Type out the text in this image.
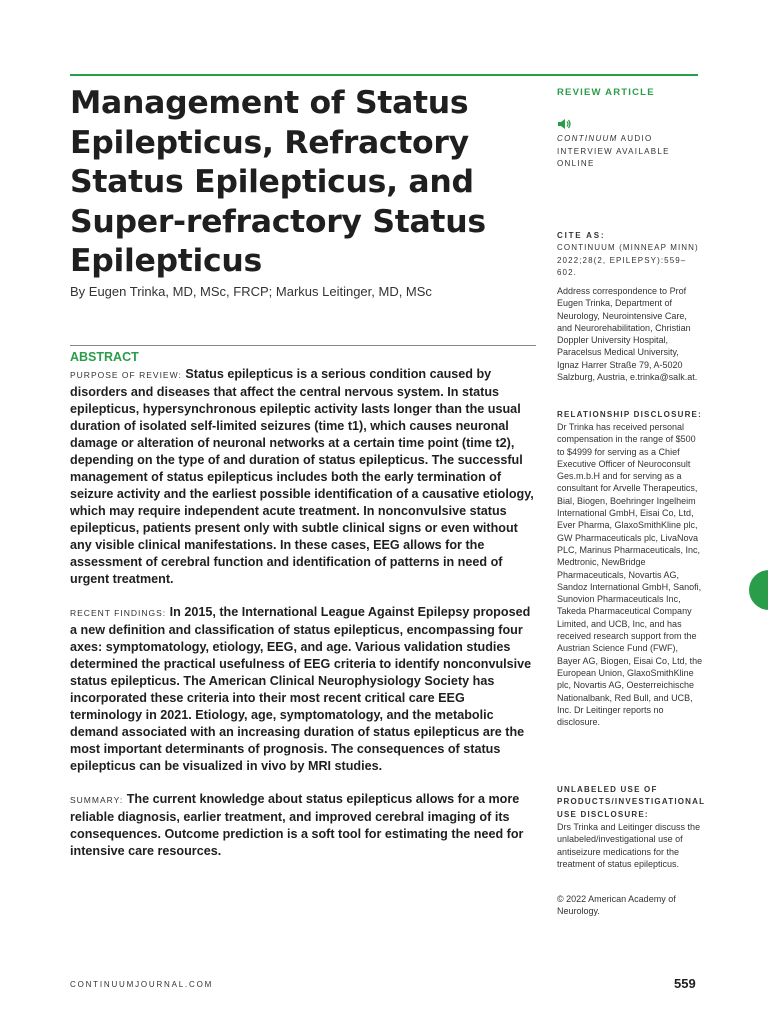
Management of Status Epilepticus, Refractory Status Epilepticus, and Super-refractory Status Epilepticus
By Eugen Trinka, MD, MSc, FRCP; Markus Leitinger, MD, MSc
ABSTRACT

PURPOSE OF REVIEW: Status epilepticus is a serious condition caused by disorders and diseases that affect the central nervous system. In status epilepticus, hypersynchronous epileptic activity lasts longer than the usual duration of isolated self-limited seizures (time t1), which causes neuronal damage or alteration of neuronal networks at a certain time point (time t2), depending on the type of and duration of status epilepticus. The successful management of status epilepticus includes both the early termination of seizure activity and the earliest possible identification of a causative etiology, which may require independent acute treatment. In nonconvulsive status epilepticus, patients present only with subtle clinical signs or even without any visible clinical manifestations. In these cases, EEG allows for the assessment of cerebral function and identification of patterns in need of urgent treatment.

RECENT FINDINGS: In 2015, the International League Against Epilepsy proposed a new definition and classification of status epilepticus, encompassing four axes: symptomatology, etiology, EEG, and age. Various validation studies determined the practical usefulness of EEG criteria to identify nonconvulsive status epilepticus. The American Clinical Neurophysiology Society has incorporated these criteria into their most recent critical care EEG terminology in 2021. Etiology, age, symptomatology, and the metabolic demand associated with an increasing duration of status epilepticus are the most important determinants of prognosis. The consequences of status epilepticus can be visualized in vivo by MRI studies.

SUMMARY: The current knowledge about status epilepticus allows for a more reliable diagnosis, earlier treatment, and improved cerebral imaging of its consequences. Outcome prediction is a soft tool for estimating the need for intensive care resources.

REVIEW ARTICLE
CONTINUUM AUDIO
INTERVIEW AVAILABLE
ONLINE
CITE AS:
CONTINUUM (MINNEAP MINN)
2022;28(2, EPILEPSY):559–602.
Address correspondence to Prof Eugen Trinka, Department of Neurology, Neurointensive Care, and Neurorehabilitation, Christian Doppler University Hospital, Paracelsus Medical University, Ignaz Harrer Straße 79, A-5020 Salzburg, Austria, e.trinka@salk.at.
RELATIONSHIP DISCLOSURE:
Dr Trinka has received personal compensation in the range of $500 to $4999 for serving as a Chief Executive Officer of Neuroconsult Ges.m.b.H and for serving as a consultant for Arvelle Therapeutics, Bial, Biogen, Boehringer Ingelheim International GmbH, Eisai Co, Ltd, Ever Pharma, GlaxoSmithKline plc, GW Pharmaceuticals plc, LivaNova PLC, Marinus Pharmaceuticals, Inc, Medtronic, NewBridge Pharmaceuticals, Novartis AG, Sandoz International GmbH, Sanofi, Sunovion Pharmaceuticals Inc, Takeda Pharmaceutical Company Limited, and UCB, Inc, and has received research support from the Austrian Science Fund (FWF), Bayer AG, Biogen, Eisai Co, Ltd, the European Union, GlaxoSmithKline plc, Novartis AG, Oesterreichische Nationalbank, Red Bull, and UCB, Inc. Dr Leitinger reports no disclosure.
UNLABELED USE OF PRODUCTS/INVESTIGATIONAL USE DISCLOSURE:
Drs Trinka and Leitinger discuss the unlabeled/investigational use of antiseizure medications for the treatment of status epilepticus.
© 2022 American Academy of Neurology.
CONTINUUMJOURNAL.COM	559
